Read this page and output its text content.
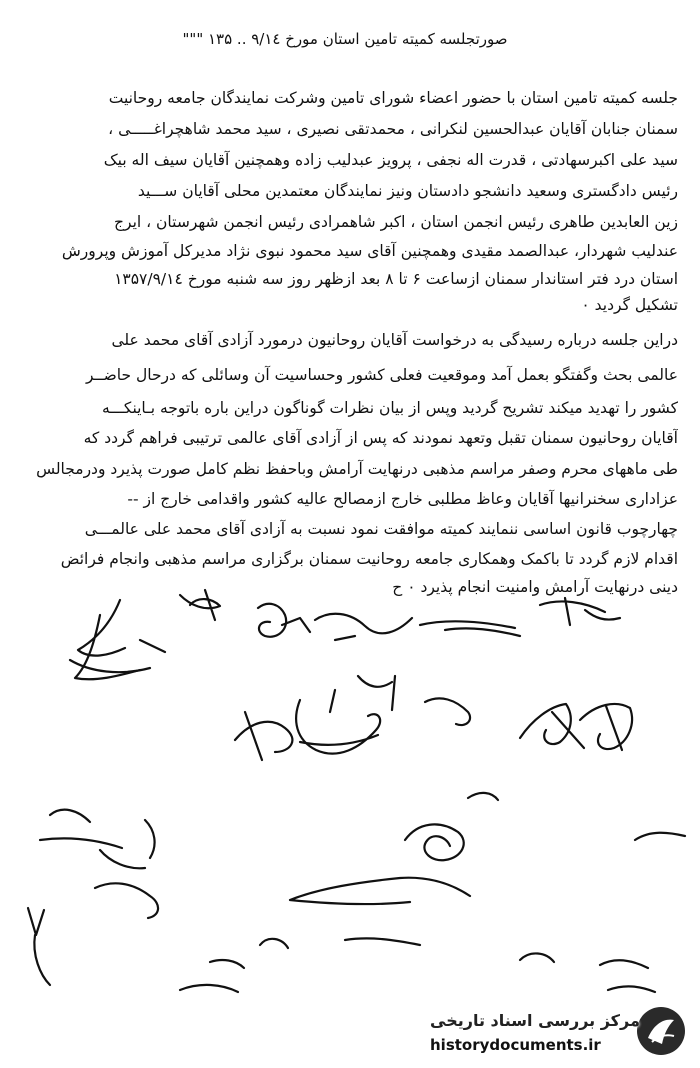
صورتجلسه کمیته تامین استان مورخ ۹/۱٤ .. ۱۳۵ """
جلسه کمیته تامین استان با حضور اعضاء شورای تامین وشرکت نمایندگان جامعه روحانیت
سمنان جنابان آقایان عبدالحسین لنکرانی ، محمدتقی نصیری ، سید محمد شاهچراغـــــی ،
سید علی اکبرسهادتی ، قدرت اله نجفی ، پرویز عبدلیب زاده وهمچنین آقایان سیف اله بیک
رئیس دادگستری وسعید دانشجو دادستان ونیز نمایندگان معتمدین محلی آقایان ســـید
زین العابدین طاهری رئیس انجمن استان ، اکبر شاهمرادی رئیس انجمن شهرستان ، ایرج
عندلیب شهردار، عبدالصمد مقیدی وهمچنین آقای سید محمود نبوی نژاد مدیرکل آموزش وپرورش
استان درد فتر استاندار سمنان ازساعت ۶ تا ۸ بعد ازظهر روز سه شنبه مورخ ۱۳۵۷/۹/۱٤
تشکیل گردید ۰
دراین جلسه درباره رسیدگی به درخواست آقایان روحانیون درمورد آزادی آقای محمد علی
عالمی بحث وگفتگو بعمل آمد وموقعیت فعلی کشور وحساسیت آن وسائلی که درحال حاضــر
کشور را تهدید میکند تشریح گردید وپس از بیان نظرات گوناگون دراین باره باتوجه بـاینکـــه
آقایان روحانیون سمنان تقبل وتعهد نمودند که پس از آزادی آقای عالمی ترتیبی فراهم گردد که
طی ماههای محرم وصفر مراسم مذهبی درنهایت آرامش وباحفظ نظم کامل صورت پذیرد ودرمجالس
عزاداری سخنرانیها آقایان وعاظ مطلبی خارج ازمصالح عالیه کشور واقدامی خارج از --
چهارچوب قانون اساسی ننمایند کمیته موافقت نمود نسبت به آزادی آقای محمد علی عالمـــی
اقدام لازم گردد تا باکمک وهمکاری جامعه روحانیت سمنان برگزاری مراسم مذهبی وانجام فرائض
دینی درنهایت آرامش وامنیت انجام پذیرد ۰ ح
مرکز بررسی اسناد تاریخی
historydocuments.ir
